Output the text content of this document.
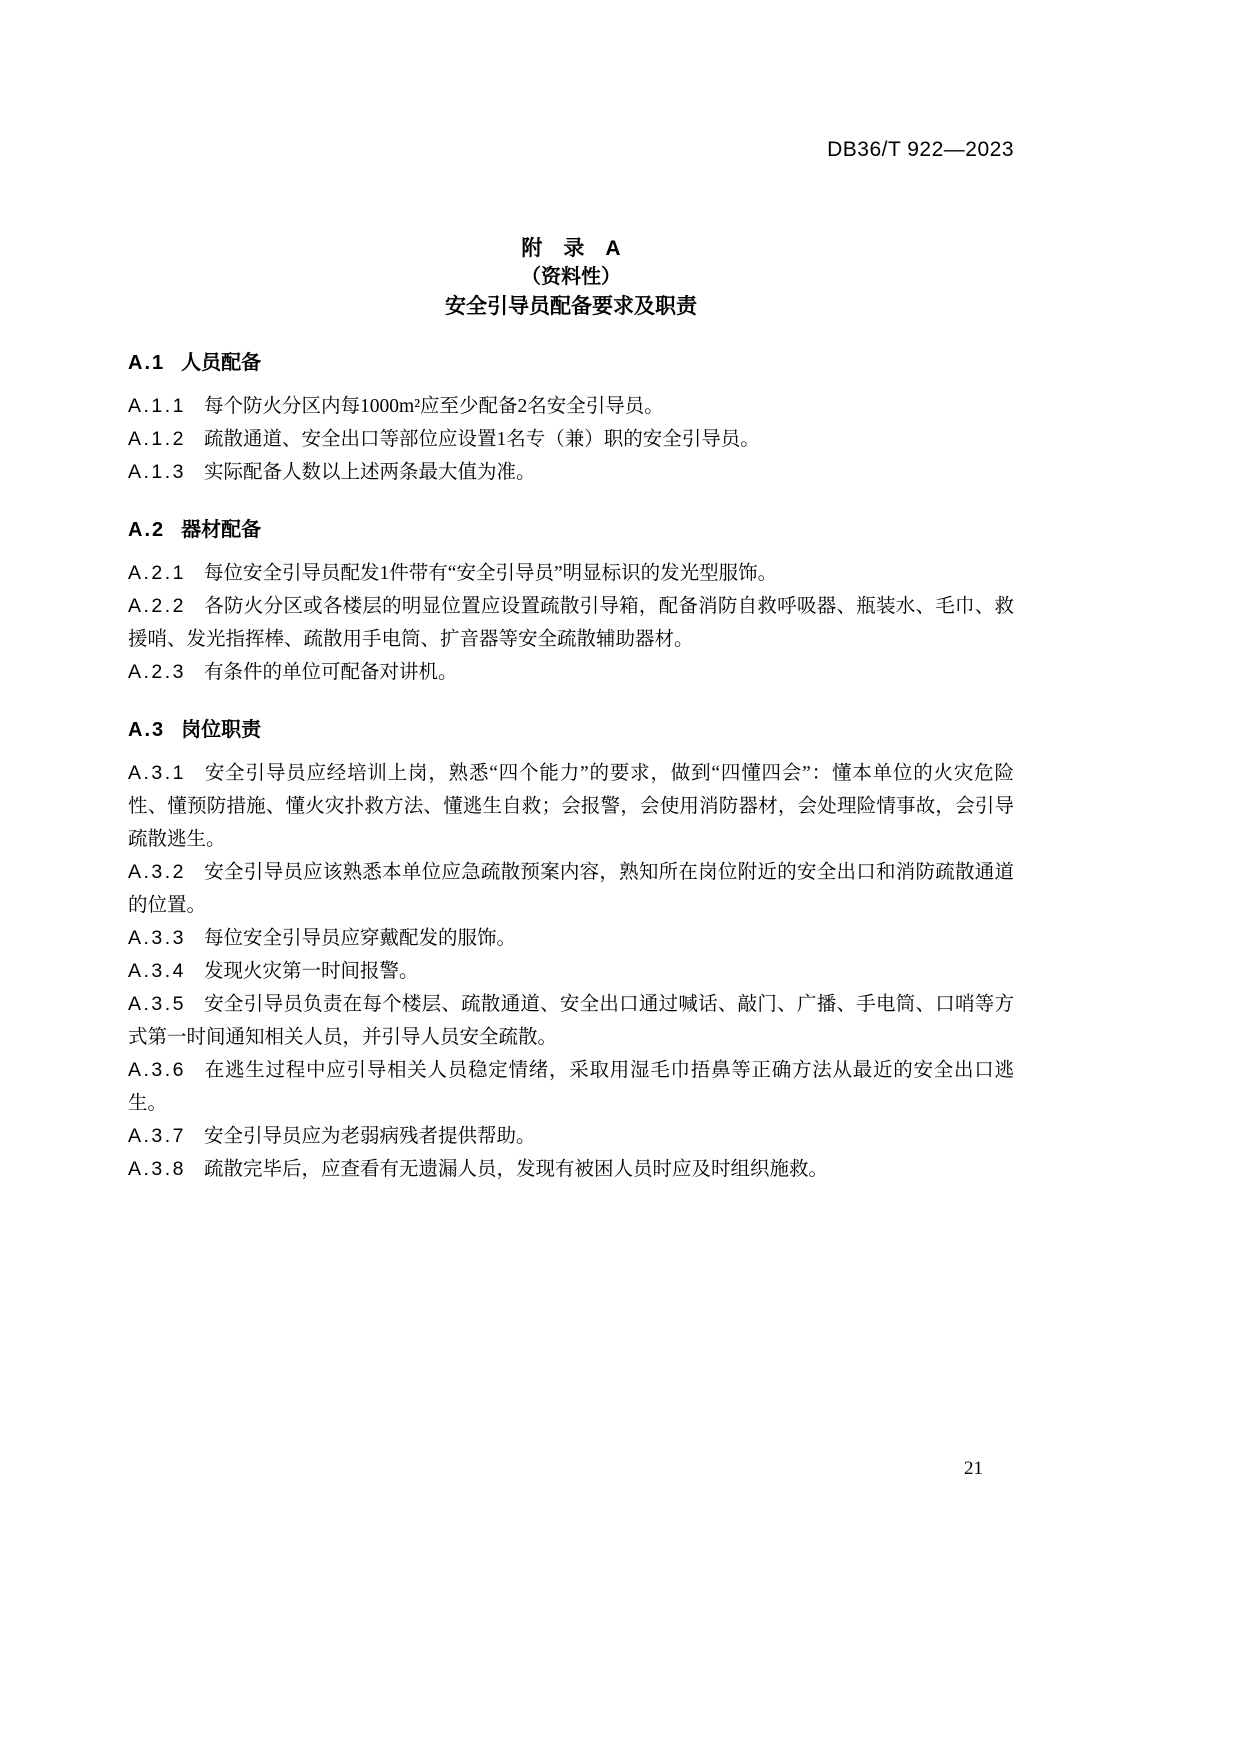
DB36/T 922—2023
附　录　A
（资料性）
安全引导员配备要求及职责
A.1 人员配备

A.1.1 每个防火分区内每1000m²应至少配备2名安全引导员。

A.1.2 疏散通道、安全出口等部位应设置1名专（兼）职的安全引导员。

A.1.3 实际配备人数以上述两条最大值为准。

A.2 器材配备

A.2.1 每位安全引导员配发1件带有“安全引导员”明显标识的发光型服饰。

A.2.2 各防火分区或各楼层的明显位置应设置疏散引导箱，配备消防自救呼吸器、瓶装水、毛巾、救援哨、发光指挥棒、疏散用手电筒、扩音器等安全疏散辅助器材。

A.2.3 有条件的单位可配备对讲机。

A.3 岗位职责

A.3.1 安全引导员应经培训上岗，熟悉“四个能力”的要求，做到“四懂四会”：懂本单位的火灾危险性、懂预防措施、懂火灾扑救方法、懂逃生自救；会报警，会使用消防器材，会处理险情事故，会引导疏散逃生。

A.3.2 安全引导员应该熟悉本单位应急疏散预案内容，熟知所在岗位附近的安全出口和消防疏散通道的位置。

A.3.3 每位安全引导员应穿戴配发的服饰。

A.3.4 发现火灾第一时间报警。

A.3.5 安全引导员负责在每个楼层、疏散通道、安全出口通过喊话、敲门、广播、手电筒、口哨等方式第一时间通知相关人员，并引导人员安全疏散。

A.3.6 在逃生过程中应引导相关人员稳定情绪，采取用湿毛巾捂鼻等正确方法从最近的安全出口逃生。

A.3.7 安全引导员应为老弱病残者提供帮助。

A.3.8 疏散完毕后，应查看有无遗漏人员，发现有被困人员时应及时组织施救。

21
